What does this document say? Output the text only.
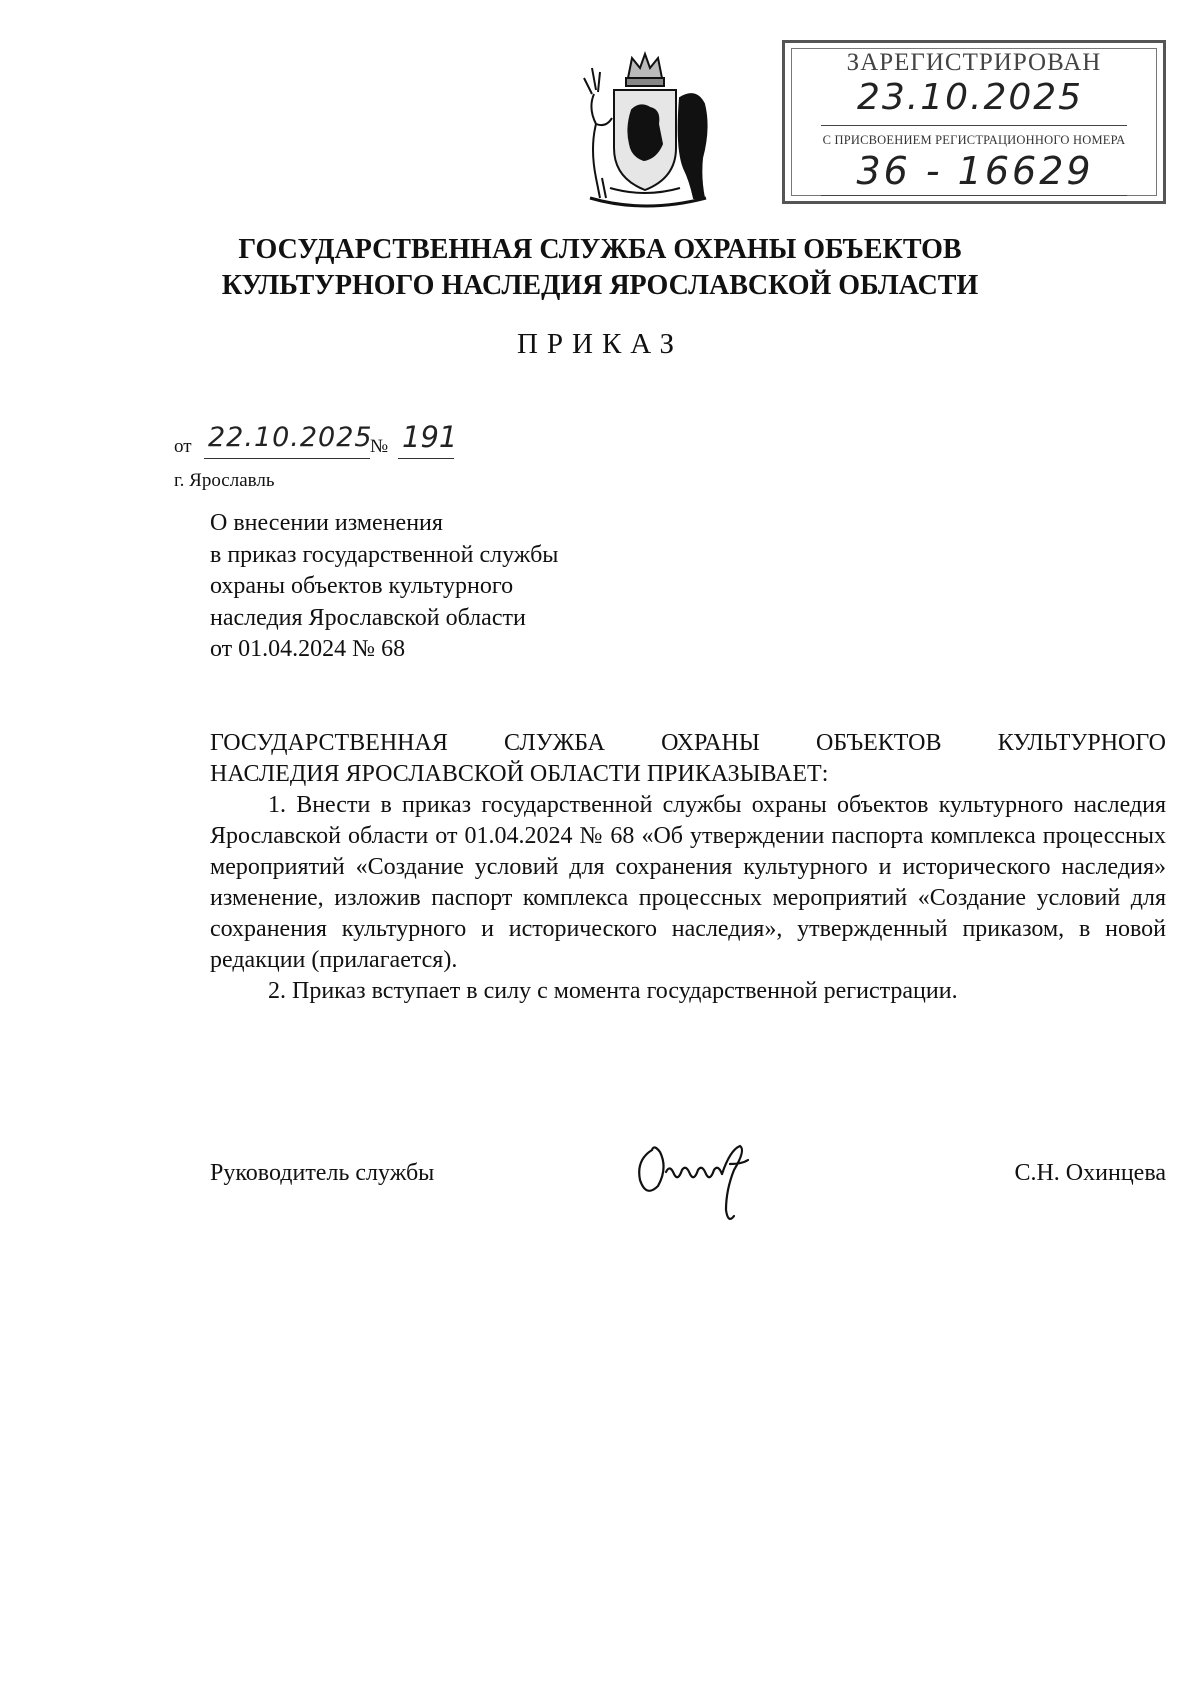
ЗАРЕГИСТРИРОВАН
23.10.2025
С ПРИСВОЕНИЕМ РЕГИСТРАЦИОННОГО НОМЕРА
36 - 16629
ГОСУДАРСТВЕННАЯ СЛУЖБА ОХРАНЫ ОБЪЕКТОВ
КУЛЬТУРНОГО НАСЛЕДИЯ ЯРОСЛАВСКОЙ ОБЛАСТИ
ПРИКАЗ
от 22.10.2025
№ 191
г. Ярославль
О внесении изменения
в приказ государственной службы
охраны объектов культурного
наследия Ярославской области
от 01.04.2024 № 68
ГОСУДАРСТВЕННАЯ СЛУЖБА ОХРАНЫ ОБЪЕКТОВ КУЛЬТУРНОГО
НАСЛЕДИЯ ЯРОСЛАВСКОЙ ОБЛАСТИ ПРИКАЗЫВАЕТ:
1. Внести в приказ государственной службы охраны объектов культурного наследия Ярославской области от 01.04.2024 № 68 «Об утверждении паспорта комплекса процессных мероприятий «Создание условий для сохранения культурного и исторического наследия» изменение, изложив паспорт комплекса процессных мероприятий «Создание условий для сохранения культурного и исторического наследия», утвержденный приказом, в новой редакции (прилагается).
2. Приказ вступает в силу с момента государственной регистрации.
Руководитель службы	С.Н. Охинцева
